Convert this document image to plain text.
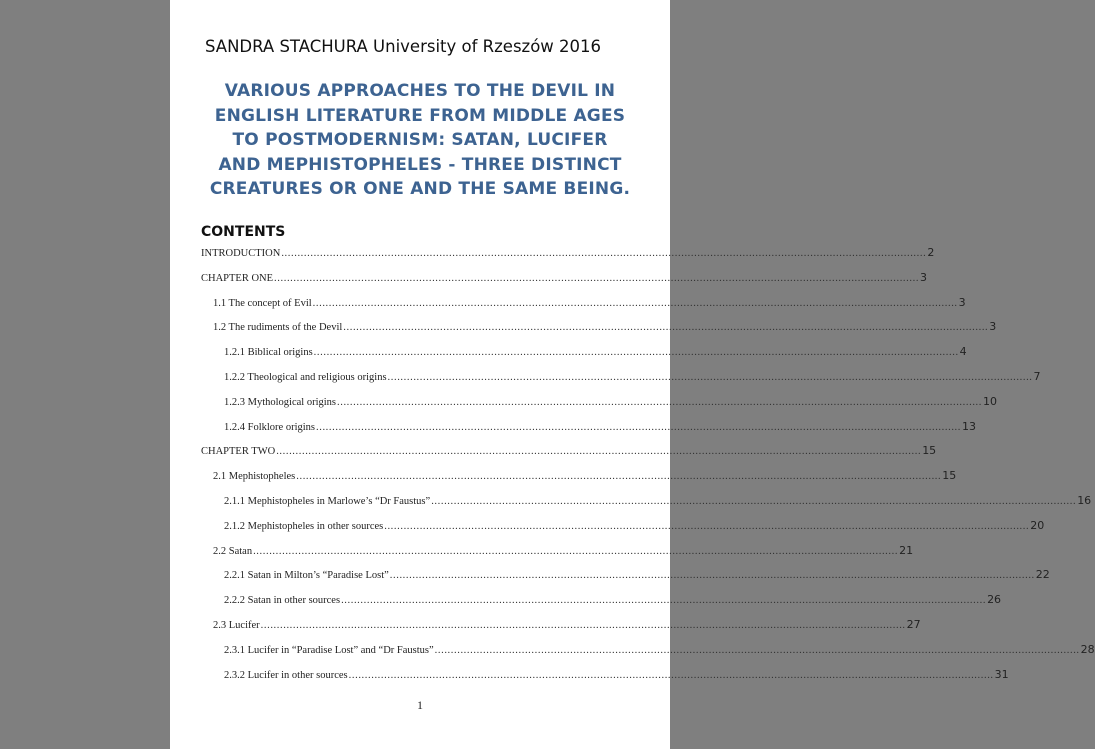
SANDRA STACHURA University of Rzeszów 2016
VARIOUS APPROACHES TO THE DEVIL IN
ENGLISH LITERATURE FROM MIDDLE AGES
TO POSTMODERNISM: SATAN, LUCIFER
AND MEPHISTOPHELES - THREE DISTINCT
CREATURES OR ONE AND THE SAME BEING.
CONTENTS
INTRODUCTION ........................................................................................................................................................................................................ 2
CHAPTER ONE ........................................................................................................................................................................................................ 3
1.1 The concept of Evil ........................................................................................................................................................................................................ 3
1.2 The rudiments of the Devil ........................................................................................................................................................................................................ 3
1.2.1 Biblical origins ........................................................................................................................................................................................................ 4
1.2.2 Theological and religious origins ........................................................................................................................................................................................................ 7
1.2.3 Mythological origins ........................................................................................................................................................................................................ 10
1.2.4 Folklore origins ........................................................................................................................................................................................................ 13
CHAPTER TWO ........................................................................................................................................................................................................ 15
2.1 Mephistopheles ........................................................................................................................................................................................................ 15
2.1.1 Mephistopheles in Marlowe’s “Dr Faustus” ........................................................................................................................................................................................................ 16
2.1.2 Mephistopheles in other sources ........................................................................................................................................................................................................ 20
2.2 Satan ........................................................................................................................................................................................................ 21
2.2.1 Satan in Milton’s “Paradise Lost” ........................................................................................................................................................................................................ 22
2.2.2 Satan in other sources ........................................................................................................................................................................................................ 26
2.3 Lucifer ........................................................................................................................................................................................................ 27
2.3.1 Lucifer in “Paradise Lost” and “Dr Faustus” ........................................................................................................................................................................................................ 28
2.3.2 Lucifer in other sources ........................................................................................................................................................................................................ 31
1
